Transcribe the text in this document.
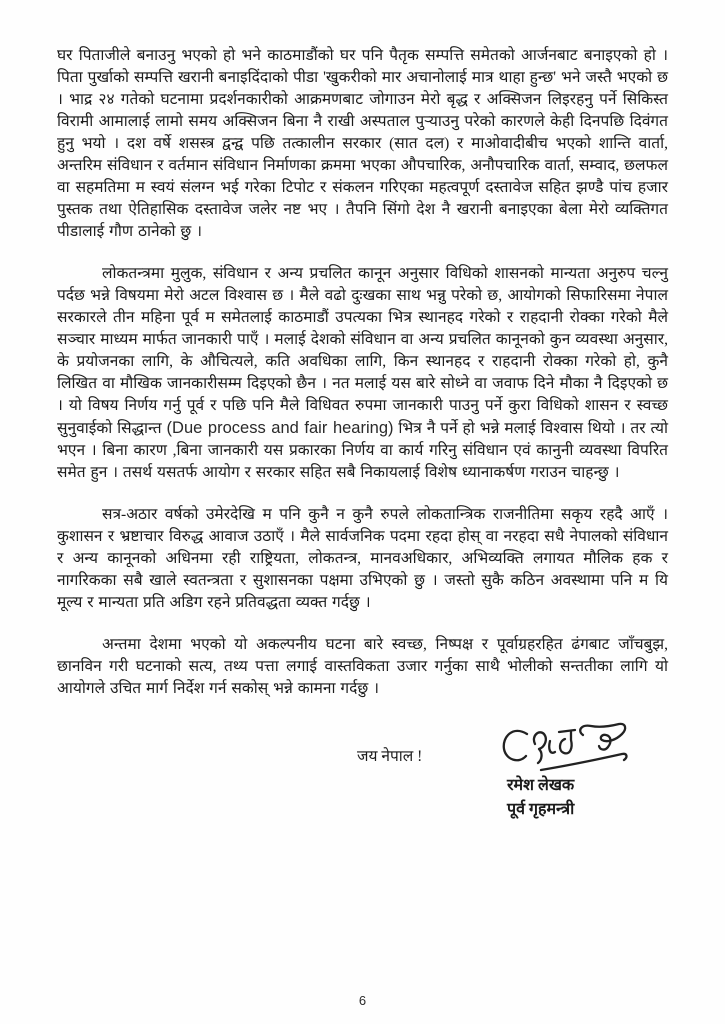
घर पिताजीले बनाउनु भएको हो भने काठमाडौंको घर पनि पैतृक सम्पत्ति समेतको आर्जनबाट बनाइएको हो । पिता पुर्खाको सम्पत्ति खरानी बनाइदिंदाको पीडा 'खुकरीको मार अचानोलाई मात्र थाहा हुन्छ' भने जस्तै भएको छ । भाद्र २४ गतेको घटनामा प्रदर्शनकारीको आक्रमणबाट जोगाउन मेरो बृद्ध र अक्सिजन लिइरहनु पर्ने सिकिस्त विरामी आमालाई लामो समय अक्सिजन बिना नै राखी अस्पताल पुऱ्याउनु परेको कारणले केही दिनपछि दिवंगत हुनु भयो । दश वर्षे शसस्त्र द्वन्द्व पछि तत्कालीन सरकार (सात दल) र माओवादीबीच भएको शान्ति वार्ता, अन्तरिम संविधान र वर्तमान संविधान निर्माणका क्रममा भएका औपचारिक, अनौपचारिक वार्ता, सम्वाद, छलफल वा सहमतिमा म स्वयं संलग्न भई गरेका टिपोट र संकलन गरिएका महत्वपूर्ण दस्तावेज सहित झण्डै पांच हजार पुस्तक तथा ऐतिहासिक दस्तावेज जलेर नष्ट भए । तैपनि सिंगो देश नै खरानी बनाइएका बेला मेरो व्यक्तिगत पीडालाई गौण ठानेको छु ।

लोकतन्त्रमा मुलुक, संविधान र अन्य प्रचलित कानून अनुसार विधिको शासनको मान्यता अनुरुप चल्नु पर्दछ भन्ने विषयमा मेरो अटल विश्वास छ । मैले वढो दुःखका साथ भन्नु परेको छ, आयोगको सिफारिसमा नेपाल सरकारले तीन महिना पूर्व म समेतलाई काठमाडौं उपत्यका भित्र स्थानहद गरेको र राहदानी रोक्का गरेको मैले सञ्चार माध्यम मार्फत जानकारी पाएँ । मलाई देशको संविधान वा अन्य प्रचलित कानूनको कुन व्यवस्था अनुसार, के प्रयोजनका लागि, के औचित्यले, कति अवधिका लागि, किन स्थानहद र राहदानी रोक्का गरेको हो, कुनै लिखित वा मौखिक जानकारीसम्म दिइएको छैन । नत मलाई यस बारे सोध्ने वा जवाफ दिने मौका नै दिइएको छ । यो विषय निर्णय गर्नु पूर्व र पछि पनि मैले विधिवत रुपमा जानकारी पाउनु पर्ने कुरा विधिको शासन र स्वच्छ सुनुवाईको सिद्धान्त (Due process and fair hearing) भित्र नै पर्ने हो भन्ने मलाई विश्वास थियो । तर त्यो भएन । बिना कारण ,बिना जानकारी यस प्रकारका निर्णय वा कार्य गरिनु संविधान एवं कानुनी व्यवस्था विपरित समेत हुन । तसर्थ यसतर्फ आयोग र सरकार सहित सबै निकायलाई विशेष ध्यानाकर्षण गराउन चाहन्छु ।

सत्र-अठार वर्षको उमेरदेखि म पनि कुनै न कुनै रुपले लोकतान्त्रिक राजनीतिमा सकृय रहदै आएँ । कुशासन र भ्रष्टाचार विरुद्ध आवाज उठाएँ । मैले सार्वजनिक पदमा रहदा होस् वा नरहदा सधै नेपालको संविधान र अन्य कानूनको अधिनमा रही राष्ट्रियता, लोकतन्त्र, मानवअधिकार, अभिव्यक्ति लगायत मौलिक हक र नागरिकका सबै खाले स्वतन्त्रता र सुशासनका पक्षमा उभिएको छु । जस्तो सुकै कठिन अवस्थामा पनि म यि मूल्य र मान्यता प्रति अडिग रहने प्रतिवद्धता व्यक्त गर्दछु ।

अन्तमा देशमा भएको यो अकल्पनीय घटना बारे स्वच्छ, निष्पक्ष र पूर्वाग्रहरहित ढंगबाट जाँचबुझ, छानविन गरी घटनाको सत्य, तथ्य पत्ता लगाई वास्तविकता उजार गर्नुका साथै भोलीको सन्ततीका लागि यो आयोगले उचित मार्ग निर्देश गर्न सकोस् भन्ने कामना गर्दछु ।

जय नेपाल !
रमेश लेखक
पूर्व गृहमन्त्री
6
